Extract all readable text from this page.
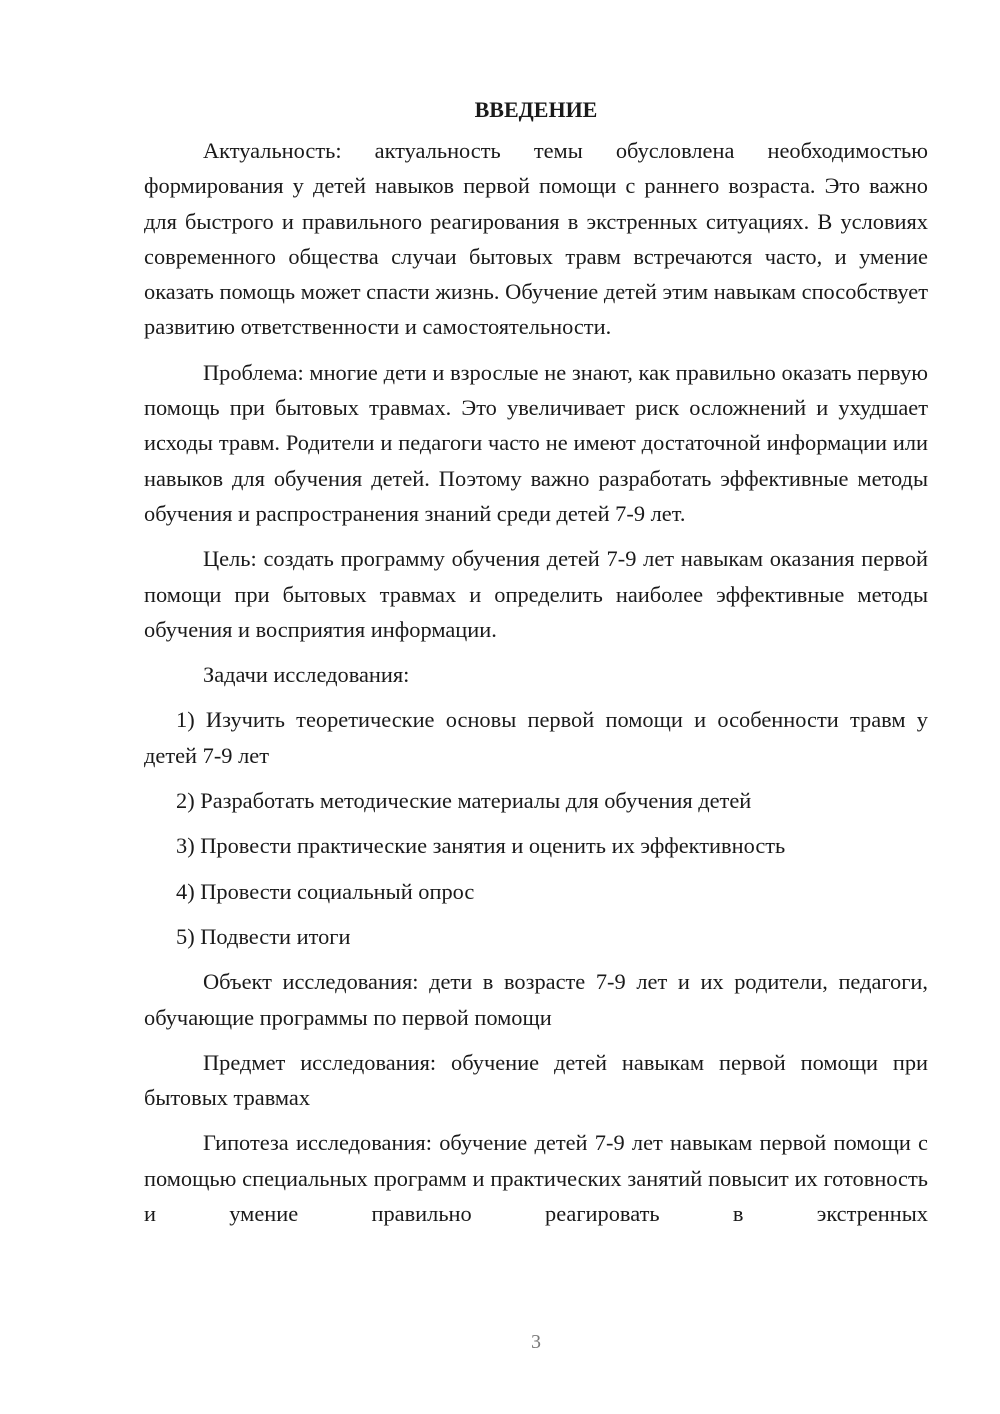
ВВЕДЕНИЕ

Актуальность: актуальность темы обусловлена необходимостью формирования у детей навыков первой помощи с раннего возраста. Это важно для быстрого и правильного реагирования в экстренных ситуациях. В условиях современного общества случаи бытовых травм встречаются часто, и умение оказать помощь может спасти жизнь. Обучение детей этим навыкам способствует развитию ответственности и самостоятельности.

Проблема: многие дети и взрослые не знают, как правильно оказать первую помощь при бытовых травмах. Это увеличивает риск осложнений и ухудшает исходы травм. Родители и педагоги часто не имеют достаточной информации или навыков для обучения детей. Поэтому важно разработать эффективные методы обучения и распространения знаний среди детей 7-9 лет.

Цель: создать программу обучения детей 7-9 лет навыкам оказания первой помощи при бытовых травмах и определить наиболее эффективные методы обучения и восприятия информации.

Задачи исследования:

1) Изучить теоретические основы первой помощи и особенности травм у детей 7-9 лет

2) Разработать методические материалы для обучения детей

3) Провести практические занятия и оценить их эффективность

4) Провести социальный опрос

5) Подвести итоги

Объект исследования: дети в возрасте 7-9 лет и их родители, педагоги, обучающие программы по первой помощи

Предмет исследования: обучение детей навыкам первой помощи при бытовых травмах

Гипотеза исследования: обучение детей 7-9 лет навыкам первой помощи с помощью специальных программ и практических занятий повысит их готовность и умение правильно реагировать в экстренных

3
